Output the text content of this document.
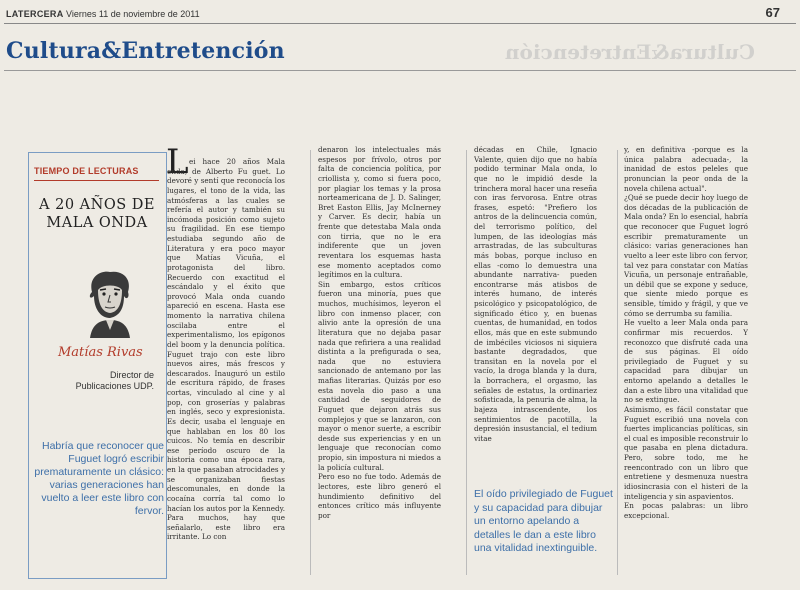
LATERCERA Viernes 11 de noviembre de 2011	67
Cultura&Entretención	Cultura&Entretención
TIEMPO DE LECTURAS
A 20 AÑOS DE MALA ONDA
Matías Rivas
Director de Publicaciones UDP.
Habría que reconocer que Fuguet logró escribir prematuramente un clásico: varias generaciones han vuelto a leer este libro con fervor.
L ei hace 20 años Mala onda, de Alberto Fu guet. Lo devoré y sentí que reconocía los lugares, el tono de la vida, las atmósferas a las cuales se refería el autor y también su incómoda posición como sujeto su fragilidad. En ese tiempo estudiaba segundo año de Literatura y era poco mayor que Matías Vicuña, el protagonista del libro. Recuerdo con exactitud el escándalo y el éxito que provocó Mala onda cuando apareció en escena. Hasta ese momento la narrativa chilena oscilaba entre el experimentalismo, los epígonos del boom y la denuncia política. Fuguet trajo con este libro nuevos aires, más frescos y descarados. Inauguró un estilo de escritura rápido, de frases cortas, vinculado al cine y al pop, con groserías y palabras en inglés, seco y expresionista. Es decir, usaba el lenguaje en que hablaban en los 80 los cuicos. No temía en describir ese período oscuro de la historia como una época rara, en la que pasaban atrocidades y se organizaban fiestas descomunales, en donde la cocaína corría tal como lo hacían los autos por la Kennedy. Para muchos, hay que señalarlo, este libro era irritante. Lo con
denaron los intelectuales más espesos por frívolo, otros por falta de conciencia política, por criollista y, como si fuera poco, por plagiar los temas y la prosa norteamericana de J. D. Salinger, Bret Easton Ellis, Jay McInerney y Carver. Es decir, había un frente que detestaba Mala onda con tirria, que no le era indiferente que un joven reventara los esquemas hasta ese momento aceptados como legítimos en la cultura.
Sin embargo, estos críticos fueron una minoría, pues que muchos, muchísimos, leyeron el libro con inmenso placer, con alivio ante la opresión de una literatura que no dejaba pasar nada que refiriera a una realidad distinta a la prefigurada o sea, nada que no estuviera sancionado de antemano por las mafias literarias. Quizás por eso esta novela dio paso a una cantidad de seguidores de Fuguet que dejaron atrás sus complejos y que se lanzaron, con mayor o menor suerte, a escribir desde sus experiencias y en un lenguaje que reconocían como propio, sin impostura ni miedos a la policía cultural.
Pero eso no fue todo. Además de lectores, este libro generó el hundimiento definitivo del entonces crítico más influyente por
décadas en Chile, Ignacio Valente, quien dijo que no había podido terminar Mala onda, lo que no le impidió desde la trinchera moral hacer una reseña con iras fervorosa. Entre otras frases, espetó: "Prefiero los antros de la delincuencia común, del terrorismo político, del lumpen, de las ideologías más arrastradas, de las subculturas más bobas, porque incluso en ellas -como lo demuestra una abundante narrativa- pueden encontrarse más atisbos de interés humano, de interés psicológico y psicopatológico, de significado ético y, en buenas cuentas, de humanidad, en todos ellos, más que en este submundo de imbéciles viciosos ni siquiera bastante degradados, que transitan en la novela por el vacío, la droga blanda y la dura, la borrachera, el orgasmo, las señales de estatus, la ordinariez sofisticada, la penuria de alma, la bajeza intrascendente, los sentimientos de pacotilla, la depresión insustancial, el tedium vitae
El oído privilegiado de Fuguet y su capacidad para dibujar un entorno apelando a detalles le dan a este libro una vitalidad inextinguible.
y, en definitiva -porque es la única palabra adecuada-, la inanidad de estos peleles que pronuncian la peor onda de la novela chilena actual".
¿Qué se puede decir hoy luego de dos décadas de la publicación de Mala onda? En lo esencial, habría que reconocer que Fuguet logró escribir prematuramente un clásico: varias generaciones han vuelto a leer este libro con fervor, tal vez para constatar con Matías Vicuña, un personaje entrañable, un débil que se expone y seduce, que siente miedo porque es sensible, tímido y frágil, y que ve cómo se derrumba su familia.
He vuelto a leer Mala onda para confirmar mis recuerdos. Y reconozco que disfruté cada una de sus páginas. El oído privilegiado de Fuguet y su capacidad para dibujar un entorno apelando a detalles le dan a este libro una vitalidad que no se extingue.
Asimismo, es fácil constatar que Fuguet escribió una novela con fuertes implicancias políticas, sin el cual es imposible reconstruir lo que pasaba en plena dictadura. Pero, sobre todo, me he reencontrado con un libro que entretiene y desmenuza nuestra idiosincrasia con el histeri de la inteligencia y sin aspavientos.
En pocas palabras: un libro excepcional.
